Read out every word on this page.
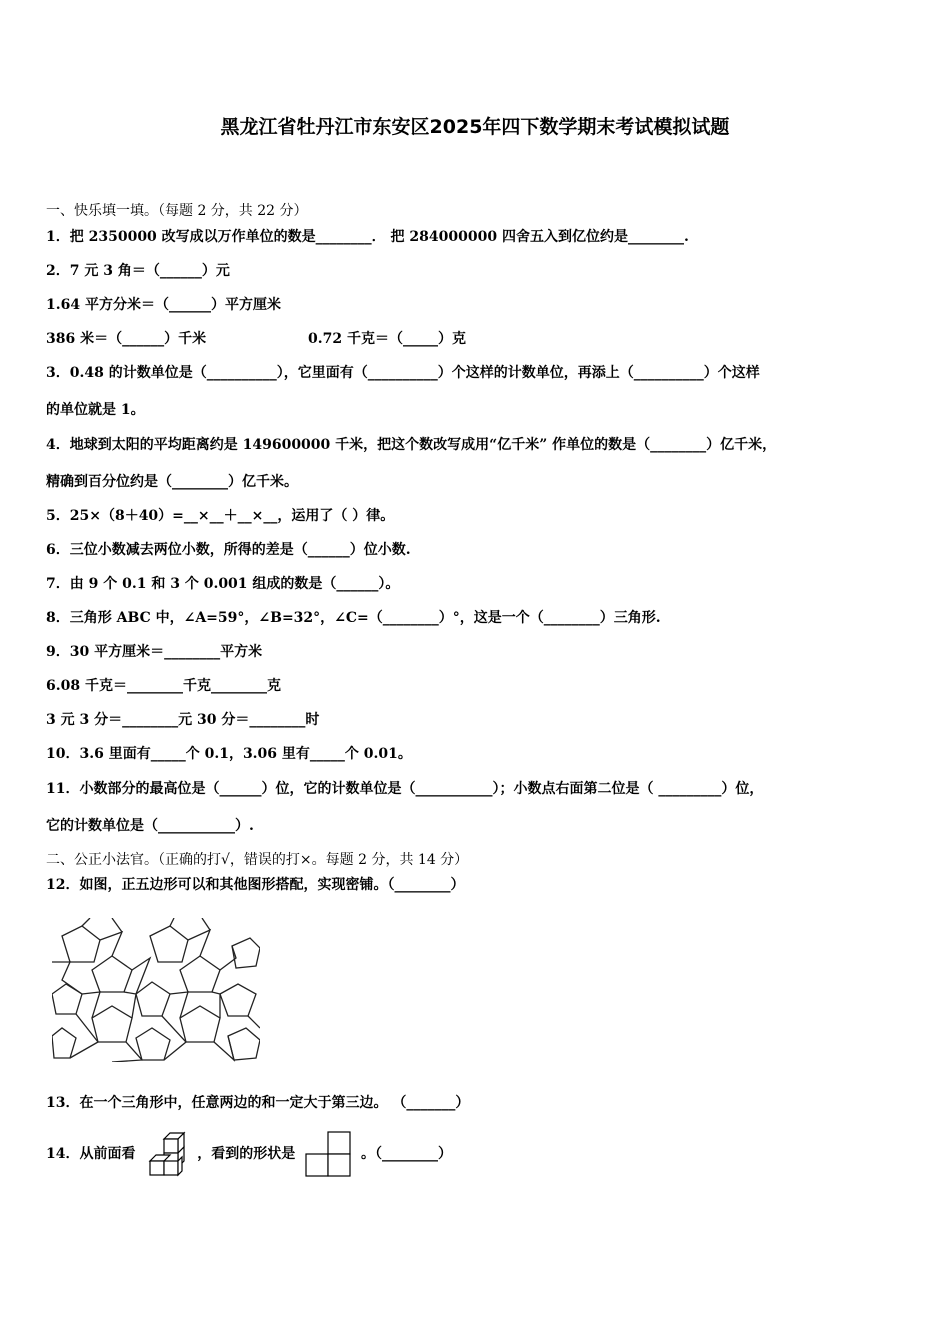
黑龙江省牡丹江市东安区2025年四下数学期末考试模拟试题
一、快乐填一填。（每题 2 分，共 22 分）
1．把 2350000 改写成以万作单位的数是________． 把 284000000 四舍五入到亿位约是________.
2．7 元 3 角＝（______）元
1.64 平方分米＝（______）平方厘米
386 米＝（______）千米	0.72 千克＝（_____）克
3．0.48 的计数单位是（__________），它里面有（__________）个这样的计数单位，再添上（__________）个这样
的单位就是 1。
4．地球到太阳的平均距离约是 149600000 千米，把这个数改写成用“亿千米” 作单位的数是（________）亿千米，
精确到百分位约是（________）亿千米。
5．25×（8＋40）=__×__＋__×__，运用了（ ）律。
6．三位小数减去两位小数，所得的差是（______）位小数.
7．由 9 个 0.1 和 3 个 0.001 组成的数是（______）。
8．三角形 ABC 中，∠A=59°，∠B=32°，∠C=（________）°，这是一个（________）三角形.
9．30 平方厘米＝________平方米
6.08 千克＝________千克________克
3 元 3 分＝________元 30 分＝________时
10．3.6 里面有_____个 0.1，3.06 里有_____个 0.01。
11．小数部分的最高位是（______）位，它的计数单位是（___________）；小数点右面第二位是（ _________）位，
它的计数单位是（___________）.
二、公正小法官。（正确的打√，错误的打×。每题 2 分，共 14 分）
12．如图，正五边形可以和其他图形搭配，实现密铺。（________）
13．在一个三角形中，任意两边的和一定大于第三边。 （_______）
14．从前面看	，看到的形状是	。（________）
